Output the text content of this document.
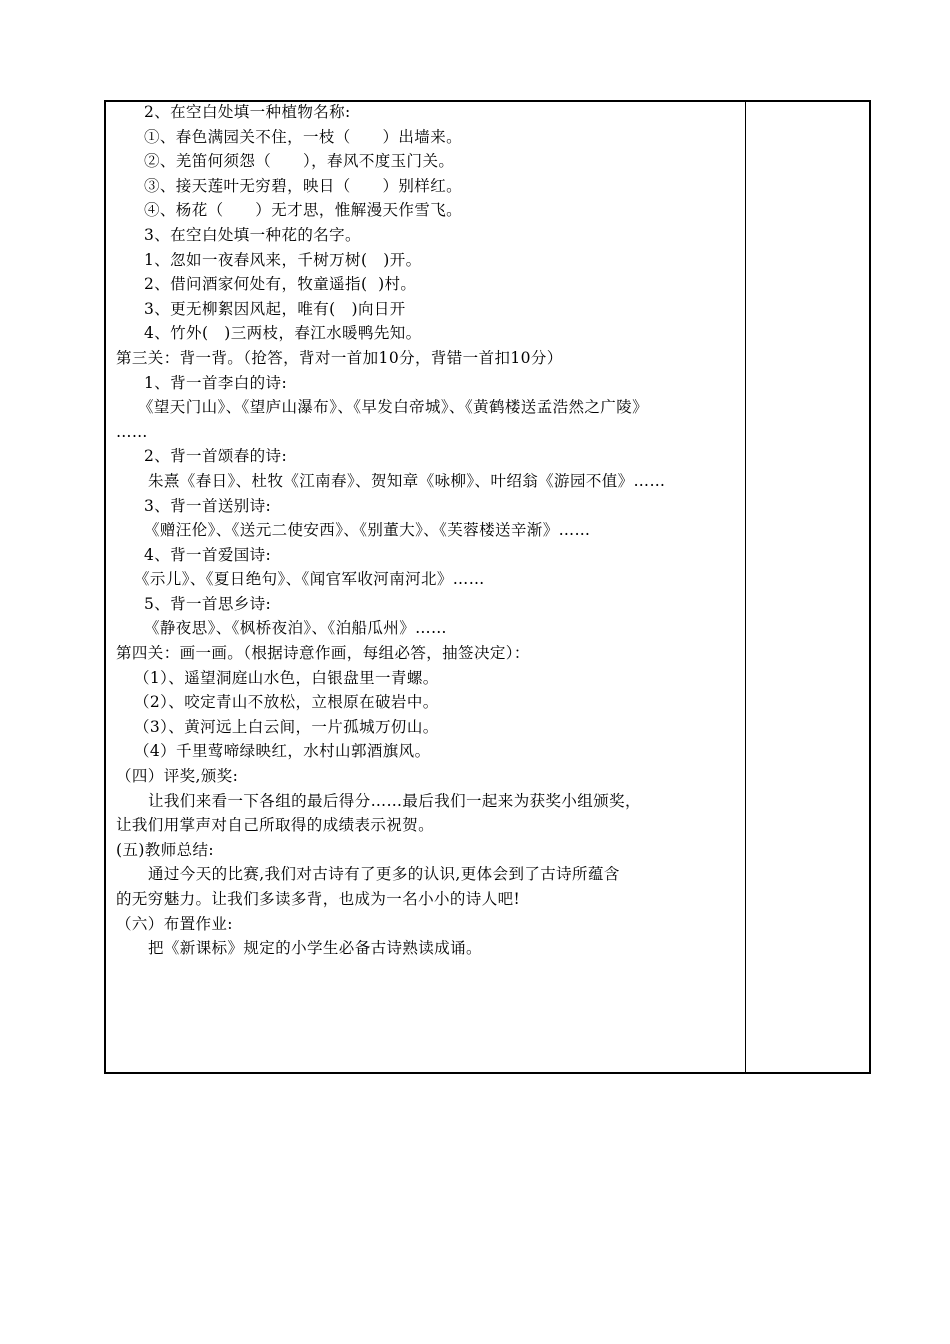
2、在空白处填一种植物名称:
①、春色满园关不住，一枝（　　）出墙来。
②、羌笛何须怨（　　），春风不度玉门关。
③、接天莲叶无穷碧，映日（　　）别样红。
④、杨花（　　）无才思，惟解漫天作雪飞。
3、在空白处填一种花的名字。
1、忽如一夜春风来，千树万树(　)开。
2、借问酒家何处有，牧童遥指(  )村。
3、更无柳絮因风起，唯有(　)向日开
4、竹外(　)三两枝，春江水暖鸭先知。
第三关：背一背。（抢答，背对一首加10分，背错一首扣10分）
1、背一首李白的诗:
《望天门山》、《望庐山瀑布》、《早发白帝城》、《黄鹤楼送孟浩然之广陵》
……
2、背一首颂春的诗:
朱熹《春日》、杜牧《江南春》、贺知章《咏柳》、叶绍翁《游园不值》……
3、背一首送别诗:
《赠汪伦》、《送元二使安西》、《别董大》、《芙蓉楼送辛渐》……
4、背一首爱国诗:
《示儿》、《夏日绝句》、《闻官军收河南河北》……
5、背一首思乡诗:
《静夜思》、《枫桥夜泊》、《泊船瓜州》……
第四关：画一画。（根据诗意作画，每组必答，抽签决定）：
（1）、遥望洞庭山水色，白银盘里一青螺。
（2）、咬定青山不放松，立根原在破岩中。
（3）、黄河远上白云间，一片孤城万仞山。
（4）千里莺啼绿映红，水村山郭酒旗风。
（四）评奖,颁奖:
让我们来看一下各组的最后得分……最后我们一起来为获奖小组颁奖，
让我们用掌声对自己所取得的成绩表示祝贺。
(五)教师总结:
通过今天的比赛,我们对古诗有了更多的认识,更体会到了古诗所蕴含
的无穷魅力。让我们多读多背，也成为一名小小的诗人吧!
（六）布置作业:
把《新课标》规定的小学生必备古诗熟读成诵。
